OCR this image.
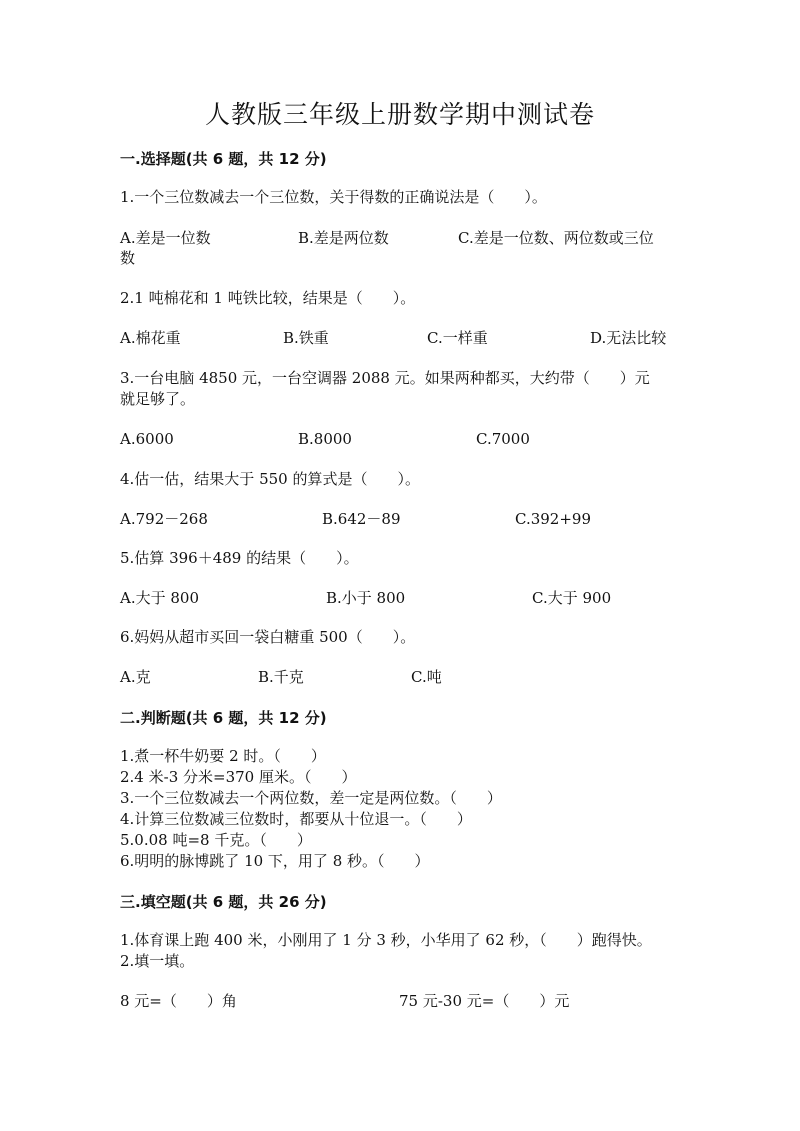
人教版三年级上册数学期中测试卷
一.选择题(共 6 题，共 12 分)
1.一个三位数减去一个三位数，关于得数的正确说法是（　　）。
A.差是一位数	B.差是两位数	C.差是一位数、两位数或三位
数
2.1 吨棉花和 1 吨铁比较，结果是（　　）。
A.棉花重	B.铁重	C.一样重	D.无法比较
3.一台电脑 4850 元，一台空调器 2088 元。如果两种都买，大约带（　　）元
就足够了。
A.6000	B.8000	C.7000
4.估一估，结果大于 550 的算式是（　　）。
A.792－268	B.642－89	C.392+99
5.估算 396＋489 的结果（　　）。
A.大于 800	B.小于 800	C.大于 900
6.妈妈从超市买回一袋白糖重 500（　　）。
A.克	B.千克	C.吨
二.判断题(共 6 题，共 12 分)
1.煮一杯牛奶要 2 时。（　　）
2.4 米-3 分米=370 厘米。（　　）
3.一个三位数减去一个两位数，差一定是两位数。（　　）
4.计算三位数减三位数时，都要从十位退一。（　　）
5.0.08 吨=8 千克。（　　）
6.明明的脉博跳了 10 下，用了 8 秒。（　　）
三.填空题(共 6 题，共 26 分)
1.体育课上跑 400 米，小刚用了 1 分 3 秒，小华用了 62 秒，（　　）跑得快。
2.填一填。
8 元=（　　）角	75 元-30 元=（　　）元
